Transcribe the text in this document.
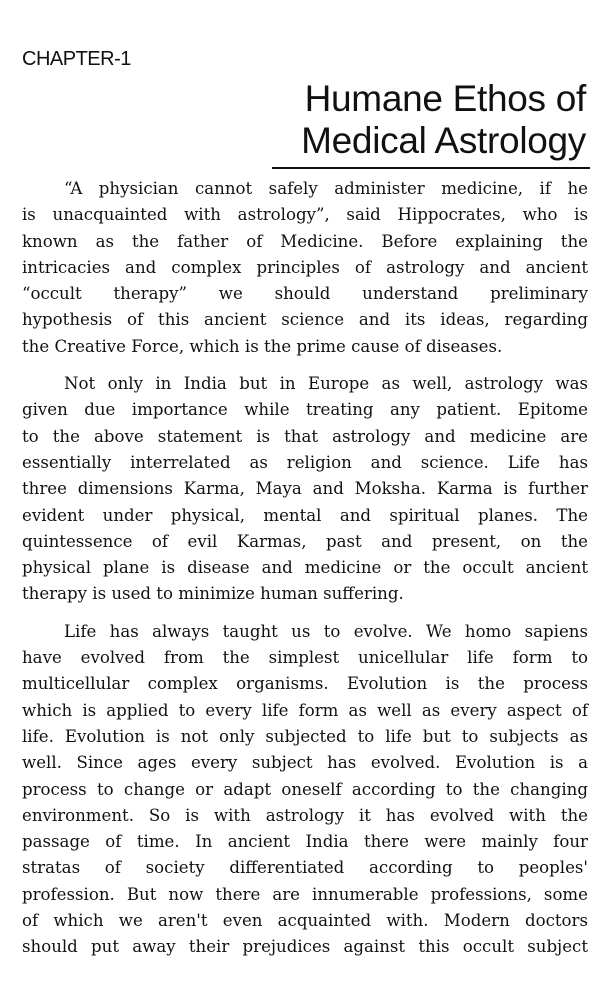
CHAPTER-1
Humane Ethos of
Medical Astrology
“A physician cannot safely administer medicine, if he
is unacquainted with astrology”, said Hippocrates, who is
known as the father of Medicine. Before explaining the
intricacies and complex principles of astrology and ancient
“occult therapy” we should understand preliminary
hypothesis of this ancient science and its ideas, regarding
the Creative Force, which is the prime cause of diseases.
Not only in India but in Europe as well, astrology was
given due importance while treating any patient. Epitome
to the above statement is that astrology and medicine are
essentially interrelated as religion and science. Life has
three dimensions Karma, Maya and Moksha. Karma is further
evident under physical, mental and spiritual planes. The
quintessence of evil Karmas, past and present, on the
physical plane is disease and medicine or the occult ancient
therapy is used to minimize human suffering.
Life has always taught us to evolve. We homo sapiens
have evolved from the simplest unicellular life form to
multicellular complex organisms. Evolution is the process
which is applied to every life form as well as every aspect of
life. Evolution is not only subjected to life but to subjects as
well. Since ages every subject has evolved. Evolution is a
process to change or adapt oneself according to the changing
environment. So is with astrology it has evolved with the
passage of time. In ancient India there were mainly four
stratas of society differentiated according to peoples'
profession. But now there are innumerable professions, some
of which we aren't even acquainted with. Modern doctors
should put away their prejudices against this occult subject
